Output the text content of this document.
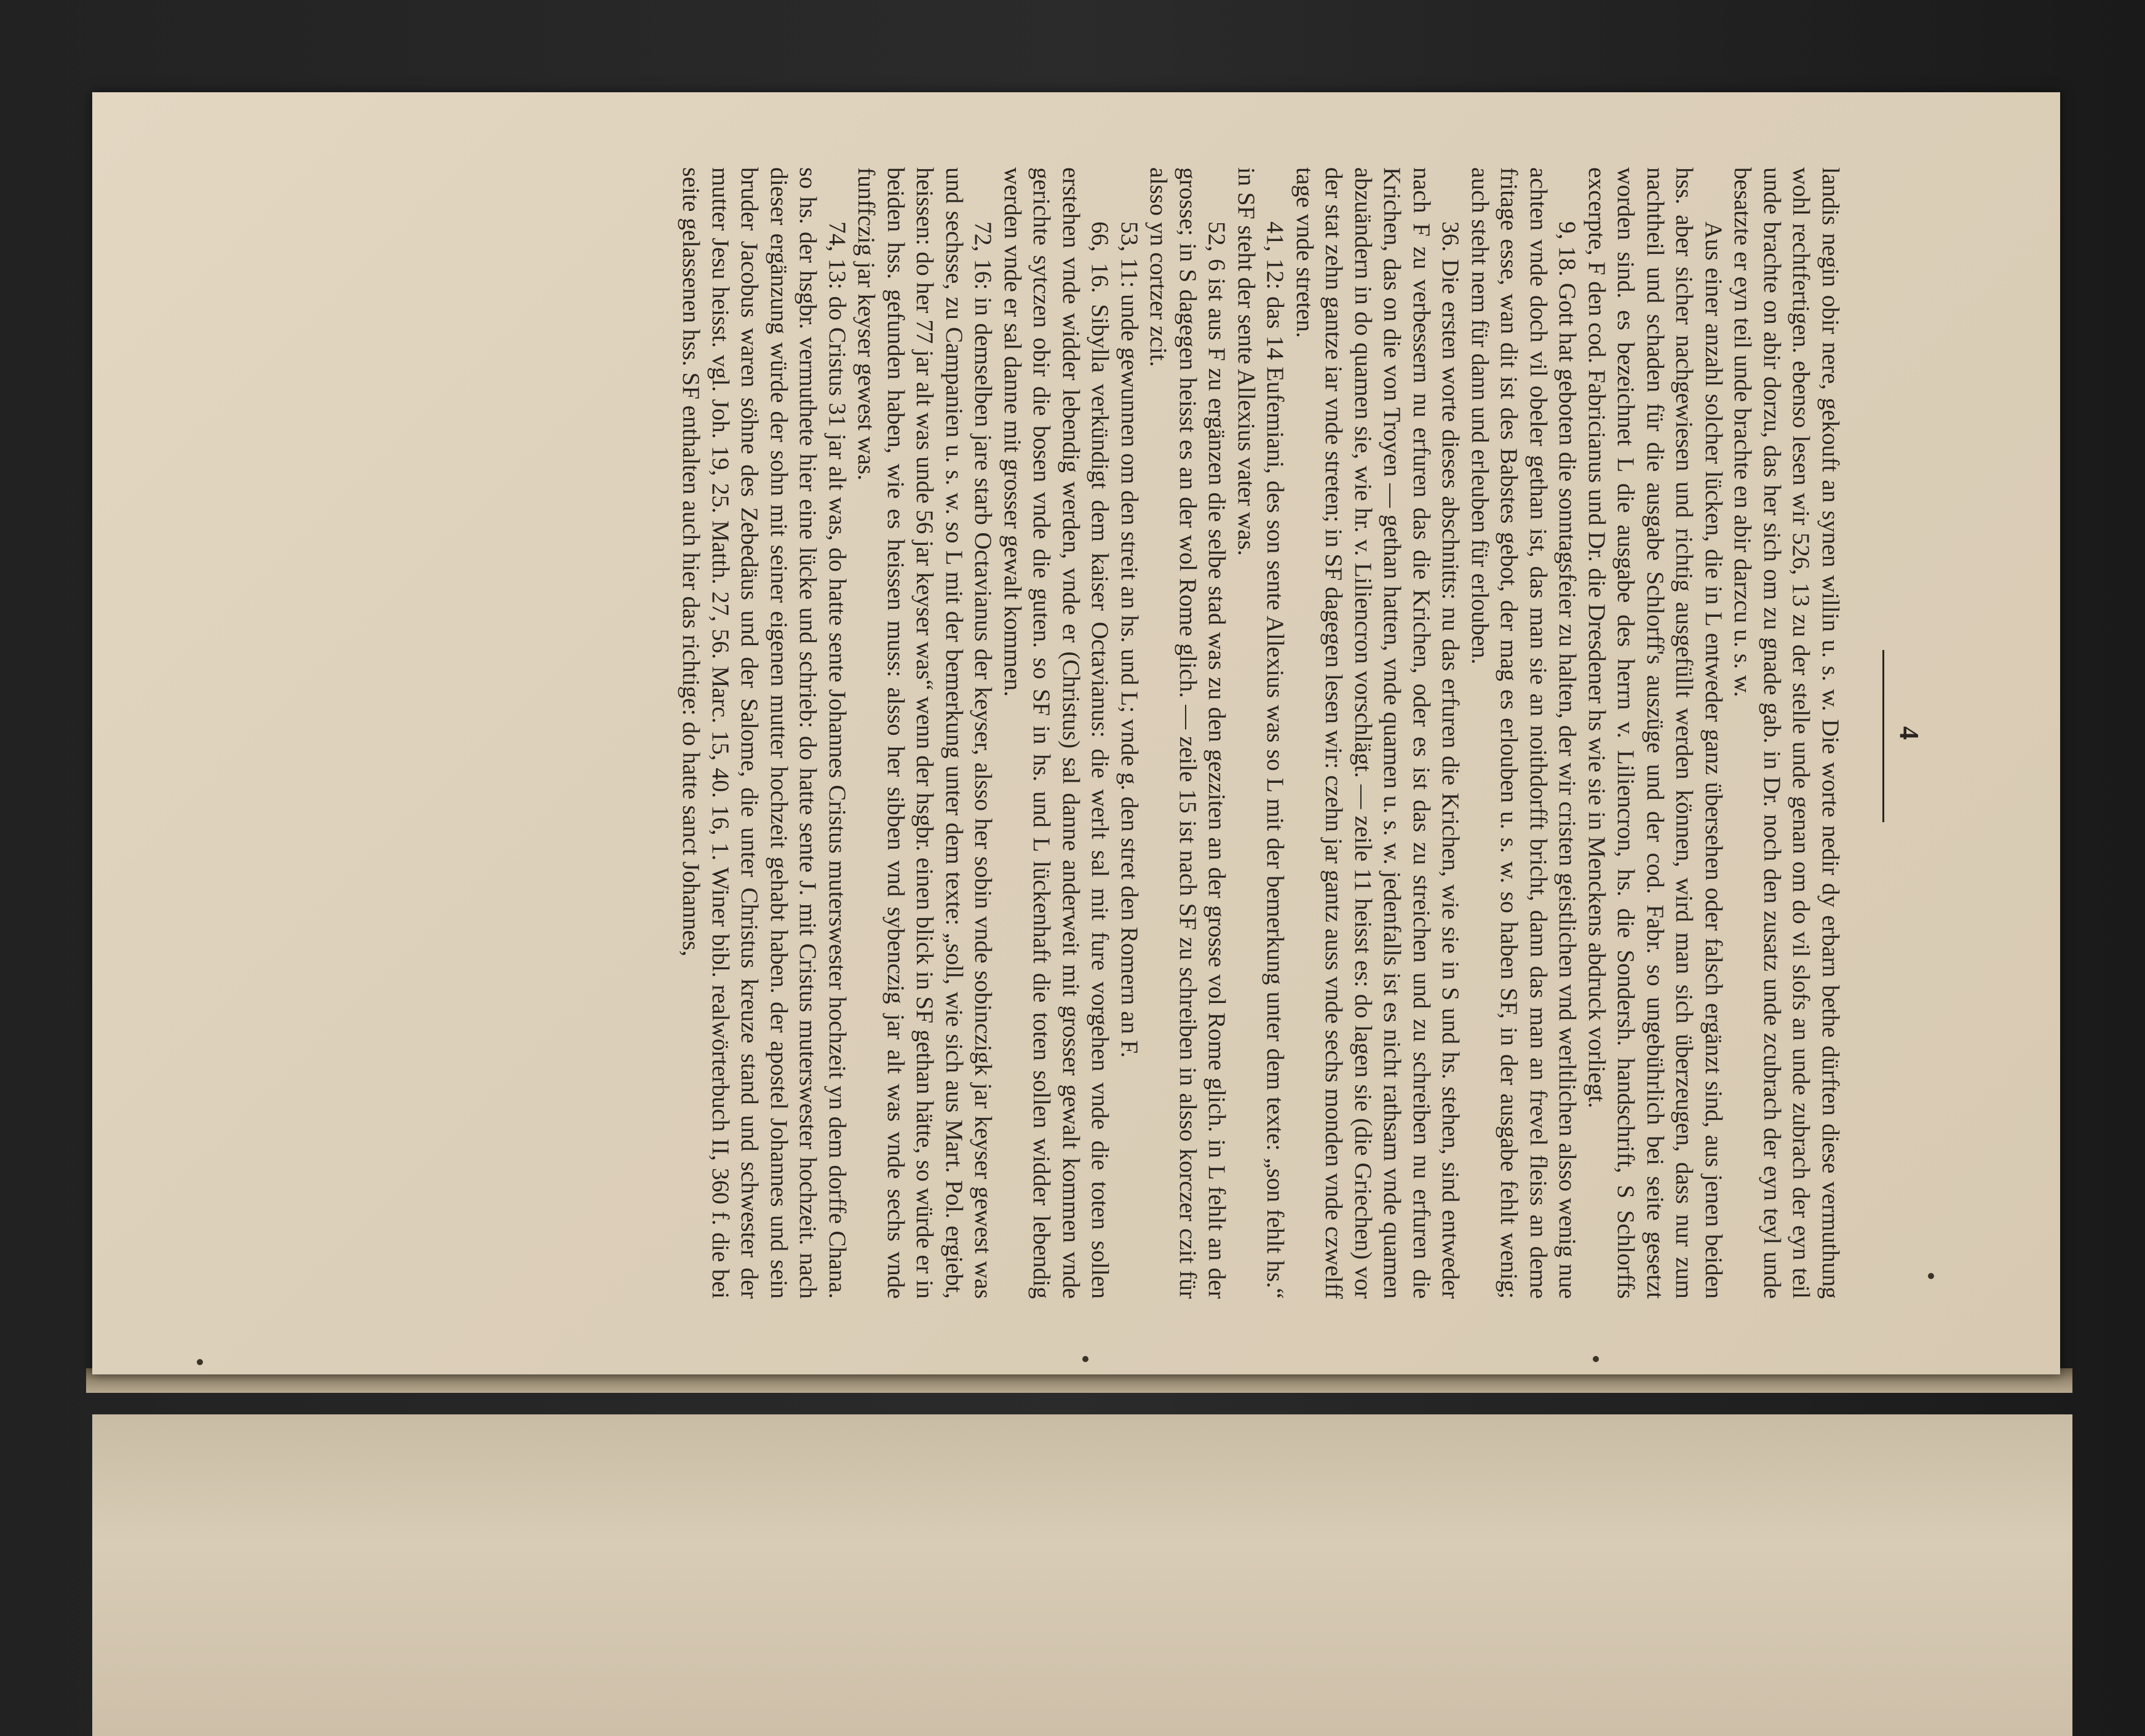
4

landis negin obir nere, gekouft an synen willin u. s. w. Die worte nedir dy erbarn bethe dürften diese vermuthung wohl rechtfertigen. ebenso lesen wir 526, 13 zu der stelle unde genan om do vil slofs an unde zubrach der eyn teil unde brachte on abir dorzu, das her sich om zu gnade gab. in Dr. noch den zusatz unde zcubrach der eyn teyl unde besatzte er eyn teil unde brachte en abir darzcu u. s. w.

Aus einer anzahl solcher lücken, die in L entweder ganz übersehen oder falsch ergänzt sind, aus jenen beiden hss. aber sicher nachgewiesen und richtig ausgefüllt werden können, wird man sich überzeugen, dass nur zum nachtheil und schaden für die ausgabe Schlorff's auszüge und der cod. Fabr. so ungebührlich bei seite gesetzt worden sind. es bezeichnet L die ausgabe des herrn v. Liliencron, hs. die Sondersh. handschrift, S Schlorffs excerpte, F den cod. Fabricianus und Dr. die Dresdener hs wie sie in Menckens abdruck vorliegt.

9, 18. Gott hat geboten die sonntagsfeier zu halten, der wir cristen geistlichen vnd werltlichen alsso wenig nue achten vnde doch vil obeler gethan ist, das man sie an noithdorfft bricht, dann das man an frevel fleiss an deme fritage esse, wan dit ist des Babstes gebot, der mag es erlouben u. s. w. so haben SF, in der ausgabe fehlt wenig; auch steht nem für dann und erleuben für erlouben.

36. Die ersten worte dieses abschnitts: nu das erfuren die Krichen, wie sie in S und hs. stehen, sind entweder nach F zu verbessern nu erfuren das die Krichen, oder es ist das zu streichen und zu schreiben nu erfuren die Krichen, das on die von Troyen — gethan hatten, vnde quamen u. s. w. jedenfalls ist es nicht rathsam vnde quamen abzuändern in do quamen sie, wie hr. v. Liliencron vorschlägt. — zeile 11 heisst es: do lagen sie (die Griechen) vor der stat zehn gantze iar vnde streten; in SF dagegen lesen wir: czehn jar gantz auss vnde sechs monden vnde czwelff tage vnde streten.

41, 12: das 14 Eufemiani, des son sente Allexius was so L mit der bemerkung unter dem texte: „son fehlt hs.“ in SF steht der sente Allexius vater was.

52, 6 ist aus F zu ergänzen die selbe stad was zu den gezziten an der grosse vol Rome glich. in L fehlt an der grosse; in S dagegen heisst es an der wol Rome glich. — zeile 15 ist nach SF zu schreiben in alsso korczer czit für alsso yn cortzer zcit.

53, 11: unde gewunnen om den streit an hs. und L; vnde g. den stret den Romern an F.

66, 16. Sibylla verkündigt dem kaiser Octavianus: die werlt sal mit fure vorgehen vnde die toten sollen erstehen vnde widder lebendig werden, vnde er (Christus) sal danne anderweit mit grosser gewalt kommen vnde gerichte sytczen obir die bosen vnde die guten. so SF in hs. und L lückenhaft die toten sollen widder lebendig werden vnde er sal danne mit grosser gewalt kommen.

72, 16: in demselben jare starb Octavianus der keyser, alsso her sobin vnde sobinczigk jar keyser gewest was und sechsse, zu Campanien u. s. w. so L mit der bemerkung unter dem texte: „soll, wie sich aus Mart. Pol. ergiebt, heissen: do her 77 jar alt was unde 56 jar keyser was“ wenn der hsgbr. einen blick in SF gethan hätte, so würde er in beiden hss. gefunden haben, wie es heissen muss: alsso her sibben vnd sybenczig jar alt was vnde sechs vnde funffczig jar keyser gewest was.

74, 13: do Cristus 31 jar alt was, do hatte sente Johannes Cristus muterswester hochzeit yn dem dorffe Chana. so hs. der hsgbr. vermuthete hier eine lücke und schrieb: do hatte sente J. mit Cristus muterswester hochzeit. nach dieser ergänzung würde der sohn mit seiner eigenen mutter hochzeit gehabt haben. der apostel Johannes und sein bruder Jacobus waren söhne des Zebedäus und der Salome, die unter Christus kreuze stand und schwester der mutter Jesu heisst. vgl. Joh. 19, 25. Matth. 27, 56. Marc. 15, 40. 16, 1. Winer bibl. realwörterbuch II, 360 f. die bei seite gelassenen hss. SF enthalten auch hier das richtige: do hatte sanct Johannes,
